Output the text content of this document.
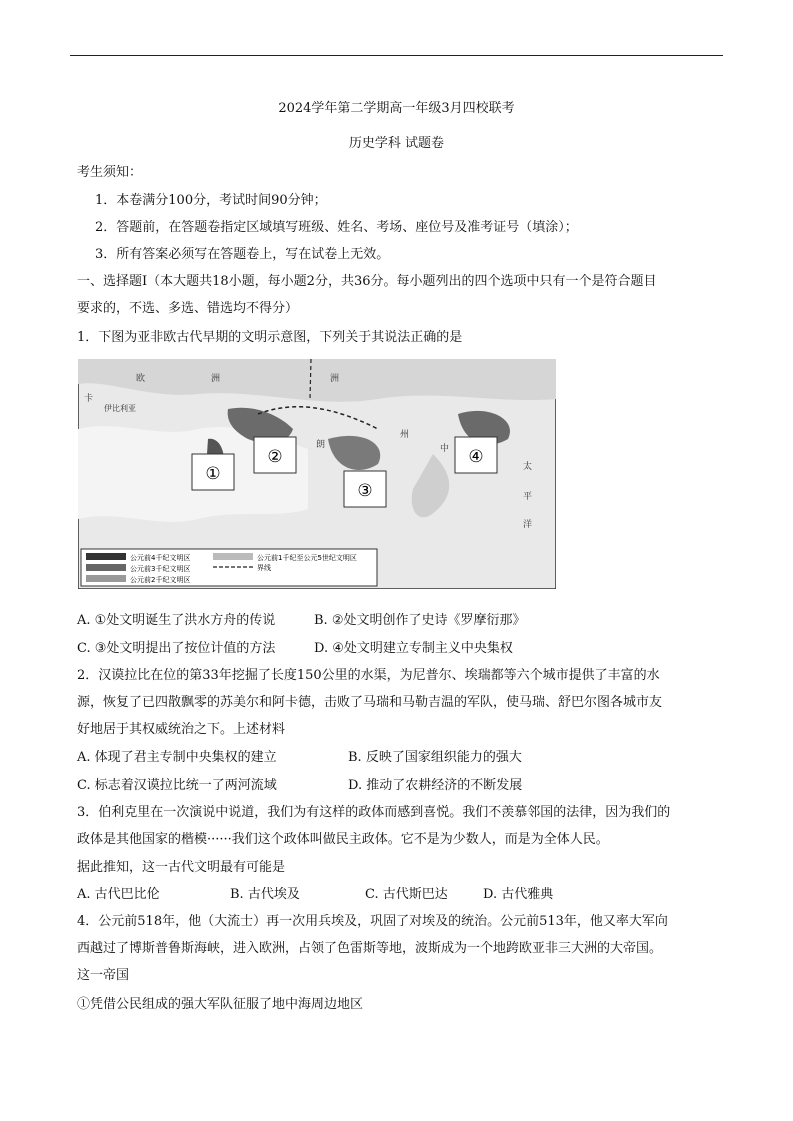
2024学年第二学期高一年级3月四校联考
历史学科 试题卷
考生须知：
1．本卷满分100分，考试时间90分钟；
2．答题前，在答题卷指定区域填写班级、姓名、考场、座位号及准考证号（填涂）；
3．所有答案必须写在答题卷上，写在试卷上无效。
一、选择题Ⅰ（本大题共18小题，每小题2分，共36分。每小题列出的四个选项中只有一个是符合题目
要求的，不选、多选、错选均不得分）
1．下图为亚非欧古代早期的文明示意图，下列关于其说法正确的是
①
②
③
④
欧	洲
卡
伊比利亚
洲
朗
州
中
太
平
洋
公元前4千纪文明区
公元前3千纪文明区
公元前2千纪文明区
公元前1千纪至公元5世纪文明区
界线
A. ①处文明诞生了洪水方舟的传说	B. ②处文明创作了史诗《罗摩衍那》
C. ③处文明提出了按位计值的方法	D. ④处文明建立专制主义中央集权
2．汉谟拉比在位的第33年挖掘了长度150公里的水渠，为尼普尔、埃瑞都等六个城市提供了丰富的水
源，恢复了已四散飘零的苏美尔和阿卡德，击败了马瑞和马勒吉温的军队，使马瑞、舒巴尔图各城市友
好地居于其权威统治之下。上述材料
A. 体现了君主专制中央集权的建立	B. 反映了国家组织能力的强大
C. 标志着汉谟拉比统一了两河流域	D. 推动了农耕经济的不断发展
3．伯利克里在一次演说中说道，我们为有这样的政体而感到喜悦。我们不羡慕邻国的法律，因为我们的
政体是其他国家的楷模······我们这个政体叫做民主政体。它不是为少数人，而是为全体人民。
据此推知，这一古代文明最有可能是
A. 古代巴比伦	B. 古代埃及	C. 古代斯巴达	D. 古代雅典
4．公元前518年，他（大流士）再一次用兵埃及，巩固了对埃及的统治。公元前513年，他又率大军向
西越过了博斯普鲁斯海峡，进入欧洲，占领了色雷斯等地，波斯成为一个地跨欧亚非三大洲的大帝国。
这一帝国
①凭借公民组成的强大军队征服了地中海周边地区
